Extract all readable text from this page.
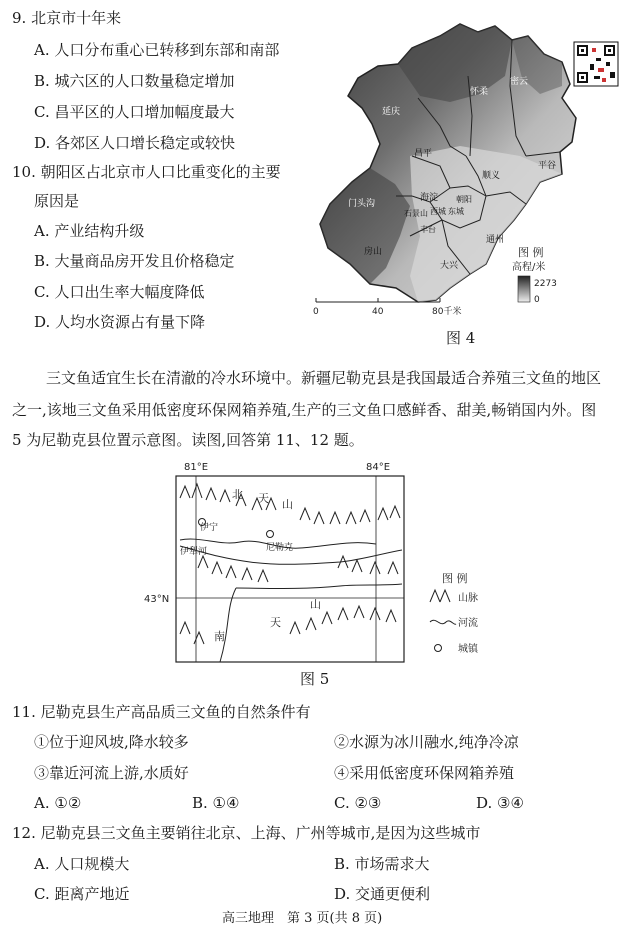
9. 北京市十年来
A. 人口分布重心已转移到东部和南部
B. 城六区的人口数量稳定增加
C. 昌平区的人口增加幅度最大
D. 各郊区人口增长稳定或较快
10. 朝阳区占北京市人口比重变化的主要
原因是
A. 产业结构升级
B. 大量商品房开发且价格稳定
C. 人口出生率大幅度降低
D. 人均水资源占有量下降
延庆
怀柔
密云
平谷
昌平
顺义
门头沟
海淀 朝阳
石景山	东城
西城
丰台
通州
房山
大兴
图 例
高程/米
2273
0
0	40	80千米
图 4
三文鱼适宜生长在清澈的冷水环境中。新疆尼勒克县是我国最适合养殖三文鱼的地区
之一,该地三文鱼采用低密度环保网箱养殖,生产的三文鱼口感鲜香、甜美,畅销国内外。图
5 为尼勒克县位置示意图。读图,回答第 11、12 题。
81°E	84°E
43°N
伊宁
伊犁河	尼勒克
北 天 山
山
天
南
图 例
山脉
河流
城镇
图 5
11. 尼勒克县生产高品质三文鱼的自然条件有
①位于迎风坡,降水较多	②水源为冰川融水,纯净冷凉
③靠近河流上游,水质好	④采用低密度环保网箱养殖
A. ①②	B. ①④	C. ②③	D. ③④
12. 尼勒克县三文鱼主要销往北京、上海、广州等城市,是因为这些城市
A. 人口规模大	B. 市场需求大
C. 距离产地近	D. 交通更便利
高三地理　第 3 页(共 8 页)
